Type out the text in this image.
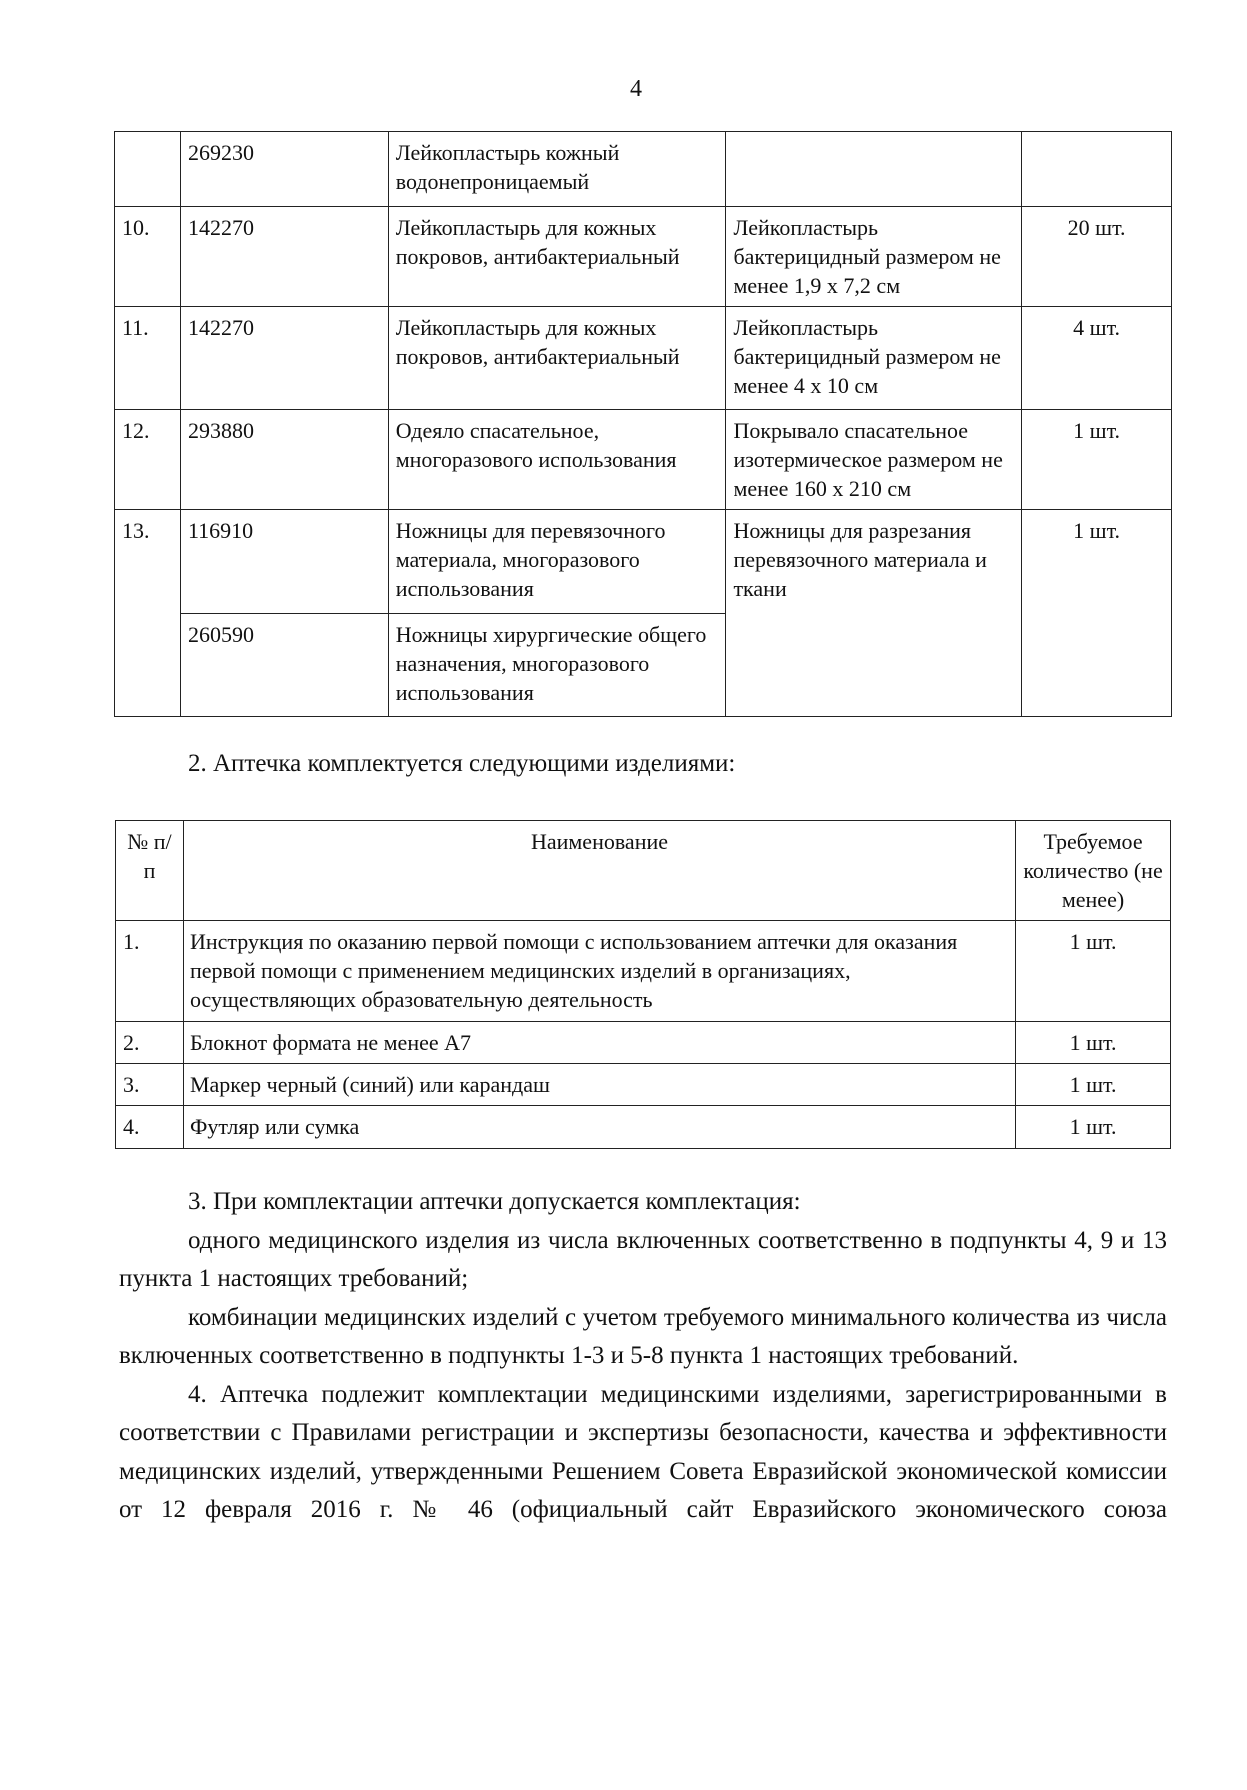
4
	269230	Лейкопластырь кожный водонепроницаемый		
10.	142270	Лейкопластырь для кожных покровов, антибактериальный	Лейкопластырь бактерицидный размером не менее 1,9 х 7,2 см	20 шт.
11.	142270	Лейкопластырь для кожных покровов, антибактериальный	Лейкопластырь бактерицидный размером не менее 4 х 10 см	4 шт.
12.	293880	Одеяло спасательное, многоразового использования	Покрывало спасательное изотермическое размером не менее 160 х 210 см	1 шт.
13.	116910	Ножницы для перевязочного материала, многоразового использования	Ножницы для разрезания перевязочного материала и ткани	1 шт.
	260590	Ножницы хирургические общего назначения, многоразового использования		
2. Аптечка комплектуется следующими изделиями:
№ п/п	Наименование	Требуемое количество (не менее)
1.	Инструкция по оказанию первой помощи с использованием аптечки для оказания первой помощи с применением медицинских изделий в организациях, осуществляющих образовательную деятельность	1 шт.
2.	Блокнот формата не менее А7	1 шт.
3.	Маркер черный (синий) или карандаш	1 шт.
4.	Футляр или сумка	1 шт.

3. При комплектации аптечки допускается комплектация:

одного медицинского изделия из числа включенных соответственно в подпункты 4, 9 и 13 пункта 1 настоящих требований;

комбинации медицинских изделий с учетом требуемого минимального количества из числа включенных соответственно в подпункты 1-3 и 5-8 пункта 1 настоящих требований.

4. Аптечка подлежит комплектации медицинскими изделиями, зарегистрированными в соответствии с Правилами регистрации и экспертизы безопасности, качества и эффективности медицинских изделий, утвержденными Решением Совета Евразийской экономической комиссии от 12 февраля 2016 г. № 46 (официальный сайт Евразийского экономического союза
